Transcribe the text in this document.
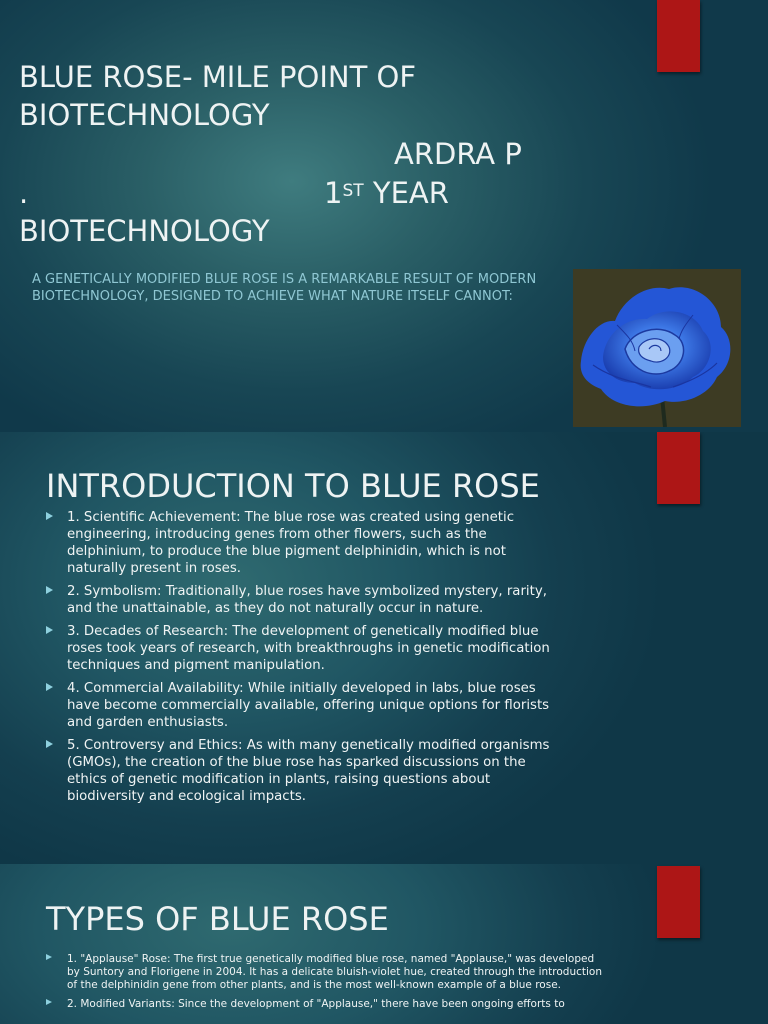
BLUE ROSE- MILE POINT OF
BIOTECHNOLOGY
ARDRA P
.	1ST YEAR
BIOTECHNOLOGY
A GENETICALLY MODIFIED BLUE ROSE IS A REMARKABLE RESULT OF MODERN BIOTECHNOLOGY, DESIGNED TO ACHIEVE WHAT NATURE ITSELF CANNOT:
INTRODUCTION TO BLUE ROSE
1. Scientific Achievement: The blue rose was created using genetic engineering, introducing genes from other flowers, such as the delphinium, to produce the blue pigment delphinidin, which is not naturally present in roses.
2. Symbolism: Traditionally, blue roses have symbolized mystery, rarity, and the unattainable, as they do not naturally occur in nature.
3. Decades of Research: The development of genetically modified blue roses took years of research, with breakthroughs in genetic modification techniques and pigment manipulation.
4. Commercial Availability: While initially developed in labs, blue roses have become commercially available, offering unique options for florists and garden enthusiasts.
5. Controversy and Ethics: As with many genetically modified organisms (GMOs), the creation of the blue rose has sparked discussions on the ethics of genetic modification in plants, raising questions about biodiversity and ecological impacts.
TYPES OF BLUE ROSE
1. "Applause" Rose: The first true genetically modified blue rose, named "Applause," was developed by Suntory and Florigene in 2004. It has a delicate bluish-violet hue, created through the introduction of the delphinidin gene from other plants, and is the most well-known example of a blue rose.
2. Modified Variants: Since the development of "Applause," there have been ongoing efforts to
